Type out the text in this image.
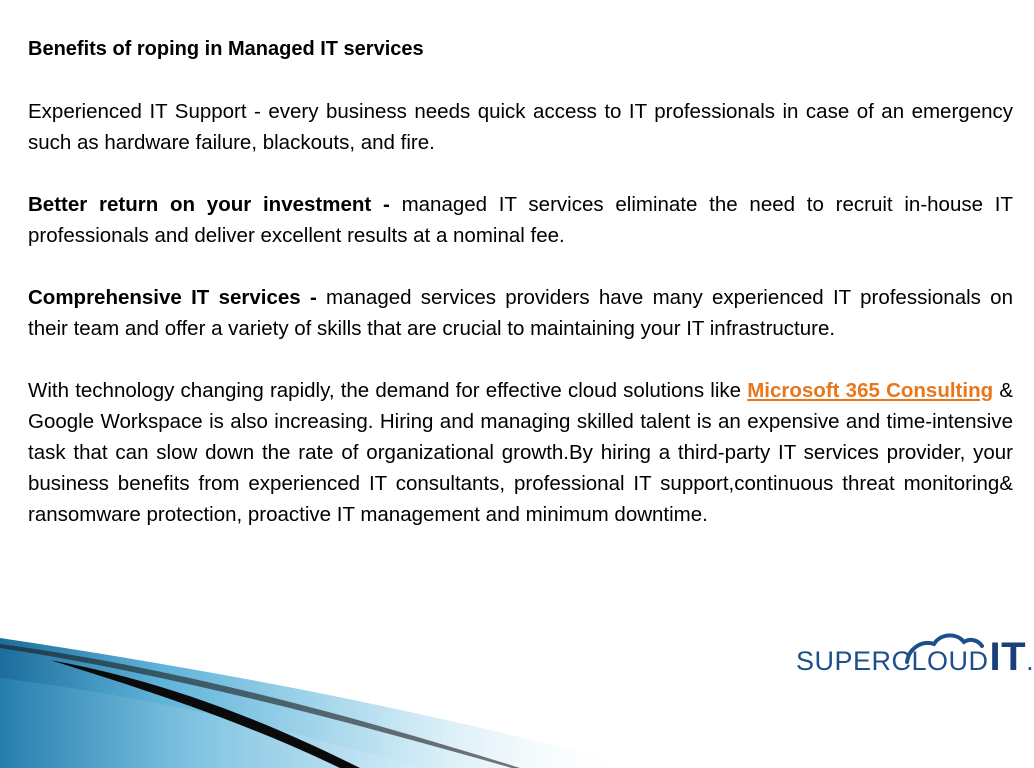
Benefits of roping in Managed IT services

Experienced IT Support - every business needs quick access to IT professionals in case of an emergency such as hardware failure, blackouts, and fire.

Better return on your investment - managed IT services eliminate the need to recruit in-house IT professionals and deliver excellent results at a nominal fee.

Comprehensive IT services - managed services providers have many experienced IT professionals on their team and offer a variety of skills that are crucial to maintaining your IT infrastructure.

With technology changing rapidly, the demand for effective cloud solutions like Microsoft 365 Consulting & Google Workspace is also increasing. Hiring and managing skilled talent is an expensive and time-intensive task that can slow down the rate of organizational growth.By hiring a third-party IT services provider, your business benefits from experienced IT consultants, professional IT support,continuous threat monitoring& ransomware protection, proactive IT management and minimum downtime.

SUPERCLOUDIT.
